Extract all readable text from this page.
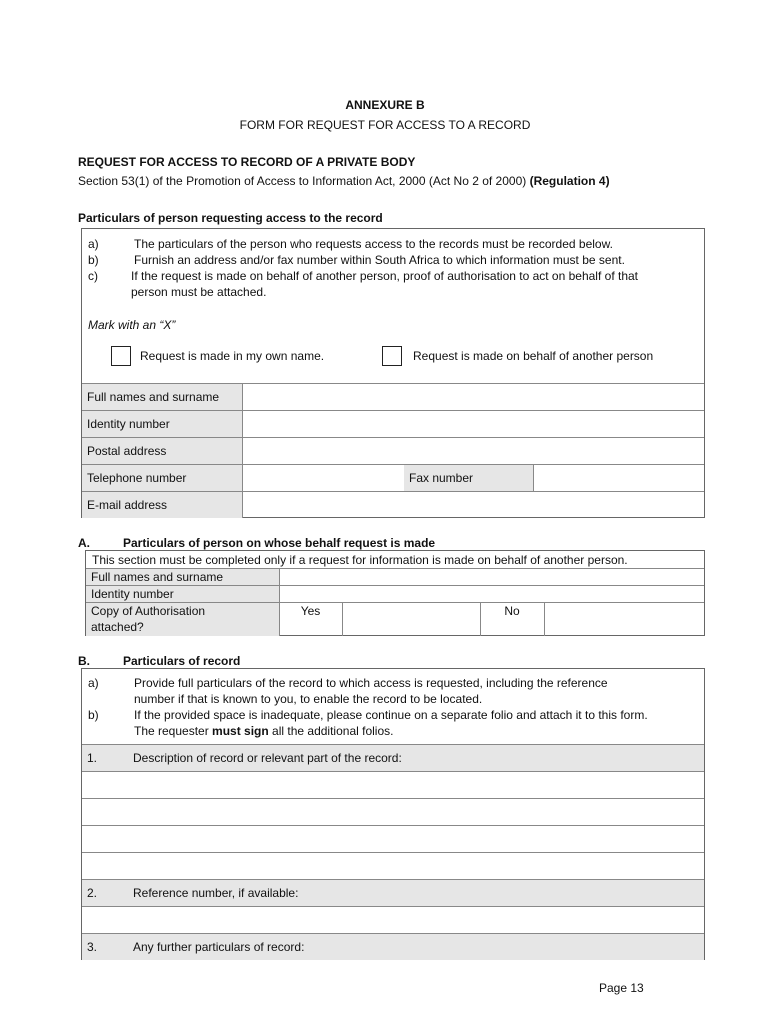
ANNEXURE B
FORM FOR REQUEST FOR ACCESS TO A RECORD
REQUEST FOR ACCESS TO RECORD OF A PRIVATE BODY
Section 53(1) of the Promotion of Access to Information Act, 2000 (Act No 2 of 2000) (Regulation 4)
Particulars of person requesting access to the record
a)	The particulars of the person who requests access to the records must be recorded below.
b)	Furnish an address and/or fax number within South Africa to which information must be sent.
c)	If the request is made on behalf of another person, proof of authorisation to act on behalf of that
person must be attached.
Mark with an “X”
Request is made in my own name.	Request is made on behalf of another person
Full names and surname
Identity number
Postal address
Telephone number	Fax number
E-mail address
A.	Particulars of person on whose behalf request is made
This section must be completed only if a request for information is made on behalf of another person.
Full names and surname
Identity number
Copy of Authorisation
attached?
Yes	No
B.	Particulars of record
a)	Provide full particulars of the record to which access is requested, including the reference
number if that is known to you, to enable the record to be located.
b)	If the provided space is inadequate, please continue on a separate folio and attach it to this form.
The requester must sign all the additional folios.
1.	Description of record or relevant part of the record:
2.	Reference number, if available:
3.	Any further particulars of record:
Page 13
